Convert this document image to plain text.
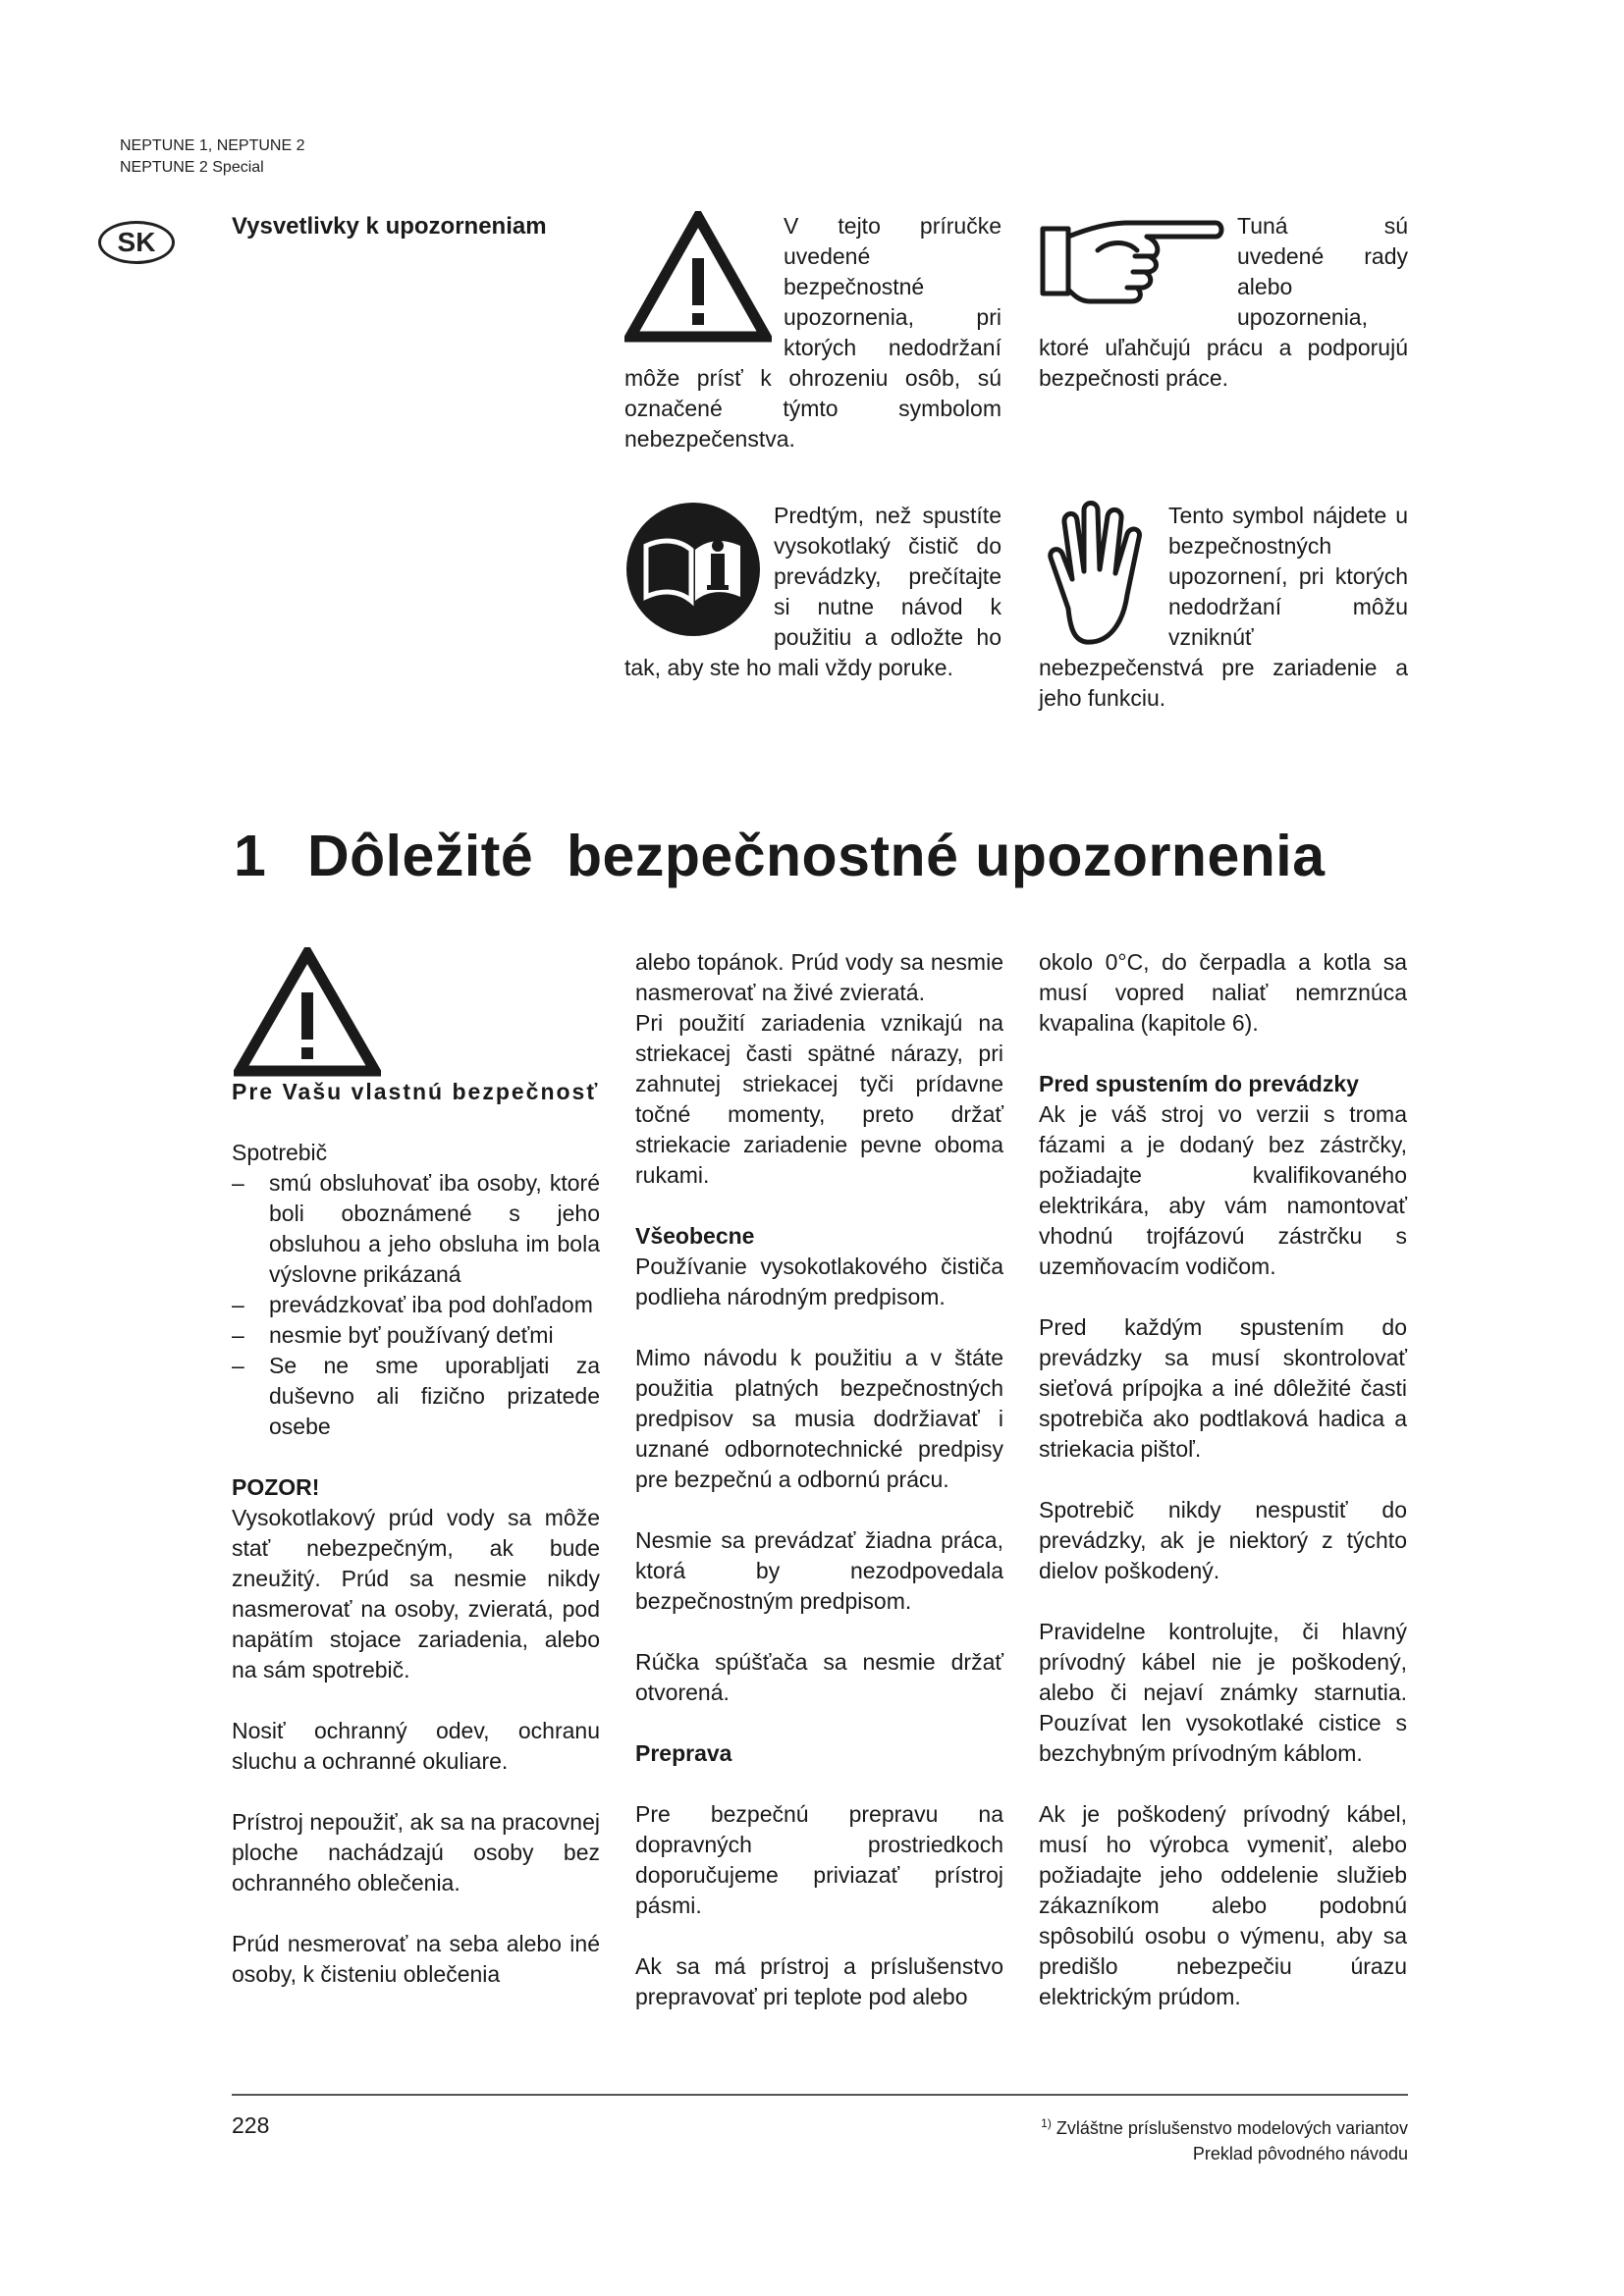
NEPTUNE 1, NEPTUNE 2
NEPTUNE 2 Special
SK
Vysvetlivky k upozorneniam	V tejto príručke uvedené bezpečnostné upozornenia, pri ktorých nedodržaní môže prísť k ohrozeniu osôb, sú označené týmto symbolom nebezpečenstva.

Tuná sú uvedené rady alebo upozornenia, ktoré uľahčujú prácu a podporujú bezpečnosti práce.

Predtým, než spustíte vysokotlaký čistič do prevádzky, prečítajte si nutne návod k použitiu a odložte ho tak, aby ste ho mali vždy poruke.

Tento symbol nájdete u bezpečnostných upozornení, pri ktorých nedodržaní môžu vzniknúť nebezpečenstvá pre zariadenie a jeho funkciu.

1 Dôležité  bezpečnostné upozornenia
Pre Vašu vlastnú bezpečnosť

Spotrebič

– smú obsluhovať iba osoby, ktoré boli oboznámené s jeho obsluhou a jeho obsluha im bola výslovne prikázaná
– prevádzkovať iba pod dohľadom
– nesmie byť používaný deťmi
– Se ne sme uporabljati za duševno ali fizično prizatede osebe
POZOR!

Vysokotlakový prúd vody sa môže stať nebezpečným, ak bude zneužitý. Prúd sa nesmie nikdy nasmerovať na osoby, zvieratá, pod napätím stojace zariadenia, alebo na sám spotrebič.

Nosiť ochranný odev, ochranu sluchu a ochranné okuliare.

Prístroj nepoužiť, ak sa na pracovnej ploche nachádzajú osoby bez ochranného oblečenia.

Prúd nesmerovať na seba alebo iné osoby, k čisteniu oblečenia

alebo topánok. Prúd vody sa nesmie nasmerovať na živé zvieratá.

Pri použití zariadenia vznikajú na striekacej časti spätné nárazy, pri zahnutej striekacej tyči prídavne točné momenty, preto držať striekacie zariadenie pevne oboma rukami.

Všeobecne

Používanie vysokotlakového čističa podlieha národným predpisom.

Mimo návodu k použitiu a v štáte použitia platných bezpečnostných predpisov sa musia dodržiavať i uznané odbornotechnické predpisy pre bezpečnú a odbornú prácu.

Nesmie sa prevádzať žiadna práca, ktorá by nezodpovedala bezpečnostným predpisom.

Rúčka spúšťača sa nesmie držať otvorená.

Preprava

Pre bezpečnú prepravu na dopravných prostriedkoch doporučujeme priviazať prístroj pásmi.

Ak sa má prístroj a príslušenstvo prepravovať pri teplote pod alebo

okolo 0°C, do čerpadla a kotla sa musí vopred naliať nemrznúca kvapalina (kapitole 6).

Pred spustením do prevádzky

Ak je váš stroj vo verzii s troma fázami a je dodaný bez zástrčky, požiadajte kvalifikovaného elektrikára, aby vám namontovať vhodnú trojfázovú zástrčku s uzemňovacím vodičom.

Pred každým spustením do prevádzky sa musí skontrolovať sieťová prípojka a iné dôležité časti spotrebiča ako podtlaková hadica a striekacia pištoľ.

Spotrebič nikdy nespustiť do prevádzky, ak je niektorý z týchto dielov poškodený.

Pravidelne kontrolujte, či hlavný prívodný kábel nie je poškodený, alebo či nejaví známky starnutia. Pouzívat len vysokotlaké cistice s bezchybným prívodným káblom.

Ak je poškodený prívodný kábel, musí ho výrobca vymeniť, alebo požiadajte jeho oddelenie služieb zákazníkom alebo podobnú spôsobilú osobu o výmenu, aby sa predišlo nebezpečiu úrazu elektrickým prúdom.

228	$^{1)}$ Zvláštne príslušenstvo modelových variantov
Preklad pôvodného návodu
